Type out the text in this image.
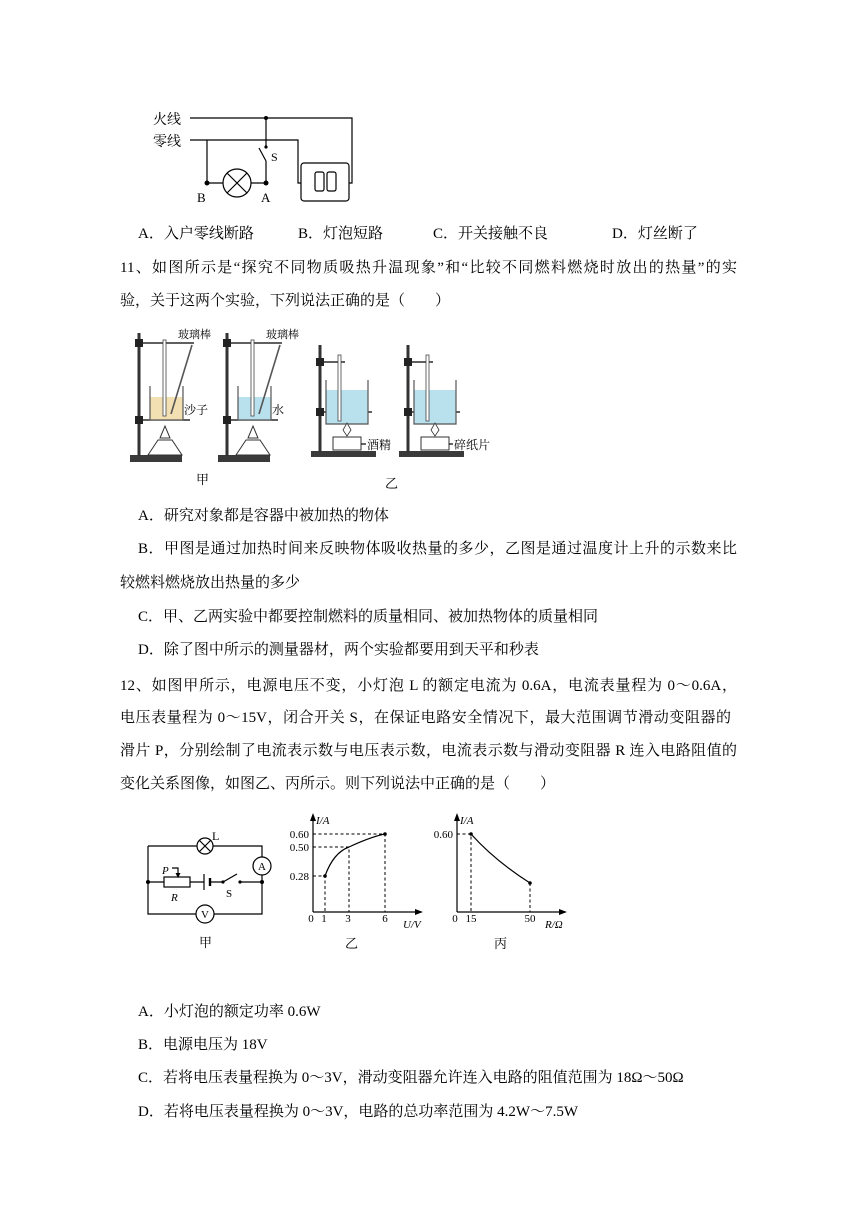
火线
零线
S
B	A
玻璃棒
沙子
玻璃棒
水
酒精	碎纸片
甲	乙
L
A
V
P
R	S
甲
I/A
U/V
0.60
0.50
0.28
0 1 3	6
乙
I/A
R/Ω
0.60
0 15	50
丙
A．入户零线断路	B．灯泡短路	C．开关接触不良	D．灯丝断了
11、如图所示是“探究不同物质吸热升温现象”和“比较不同燃料燃烧时放出的热量”的实
验，关于这两个实验，下列说法正确的是（　　）
A．研究对象都是容器中被加热的物体
B．甲图是通过加热时间来反映物体吸收热量的多少，乙图是通过温度计上升的示数来比
较燃料燃烧放出热量的多少
C．甲、乙两实验中都要控制燃料的质量相同、被加热物体的质量相同
D．除了图中所示的测量器材，两个实验都要用到天平和秒表
12、如图甲所示，电源电压不变，小灯泡 L 的额定电流为 0.6A，电流表量程为 0～0.6A，
电压表量程为 0～15V，闭合开关 S，在保证电路安全情况下，最大范围调节滑动变阻器的
滑片 P，分别绘制了电流表示数与电压表示数，电流表示数与滑动变阻器 R 连入电路阻值的
变化关系图像，如图乙、丙所示。则下列说法中正确的是（　　）
A．小灯泡的额定功率 0.6W
B．电源电压为 18V
C．若将电压表量程换为 0～3V，滑动变阻器允许连入电路的阻值范围为 18Ω～50Ω
D．若将电压表量程换为 0～3V，电路的总功率范围为 4.2W～7.5W
